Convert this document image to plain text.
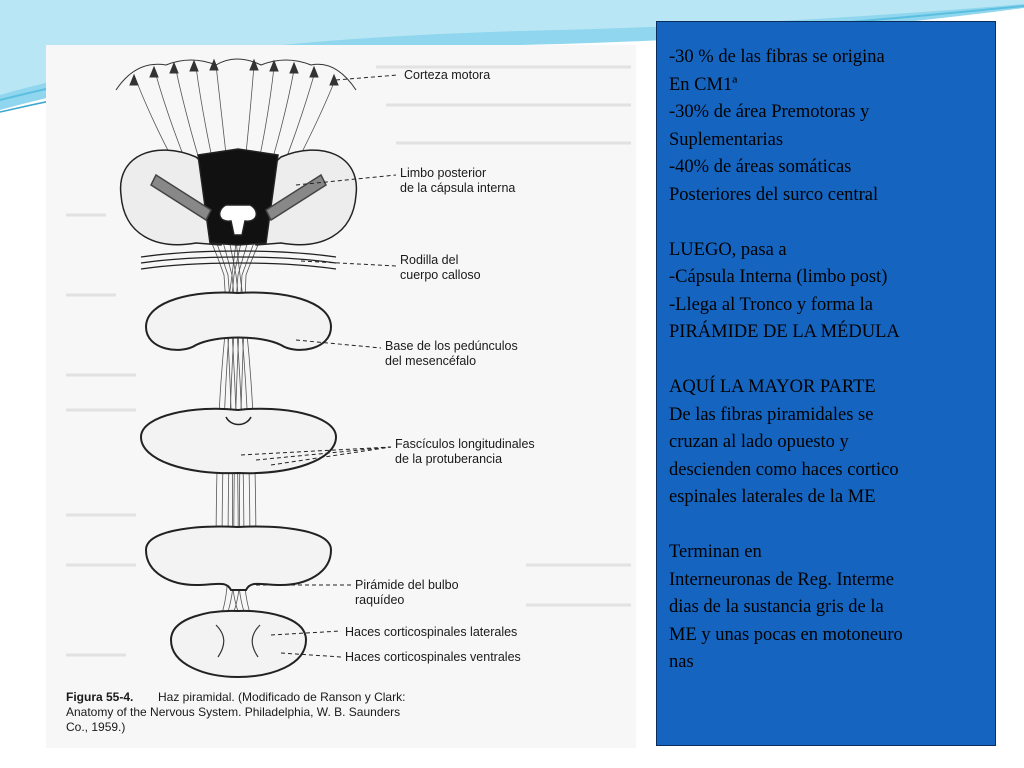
Corteza motora
Limbo posterior
de la cápsula interna
Rodilla del
cuerpo calloso
Base de los pedúnculos
del mesencéfalo
Fascículos longitudinales
de la protuberancia
Pirámide del bulbo
raquídeo
Haces corticospinales laterales
Haces corticospinales ventrales
Figura 55-4. Haz piramidal. (Modificado de Ranson y Clark:
Anatomy of the Nervous System. Philadelphia, W. B. Saunders
Co., 1959.)
-30 % de las fibras se origina
En CM1ª
-30% de área Premotoras y
Suplementarias
-40% de áreas somáticas
Posteriores del surco central
LUEGO, pasa a
-Cápsula Interna (limbo post)
-Llega al Tronco y forma la
PIRÁMIDE DE LA MÉDULA
AQUÍ LA MAYOR PARTE
De las fibras piramidales se
cruzan al lado opuesto y
descienden como haces cortico
espinales laterales de la ME
Terminan en
Interneuronas de Reg. Interme
dias de la sustancia gris de la
ME y unas pocas en motoneuro
nas
